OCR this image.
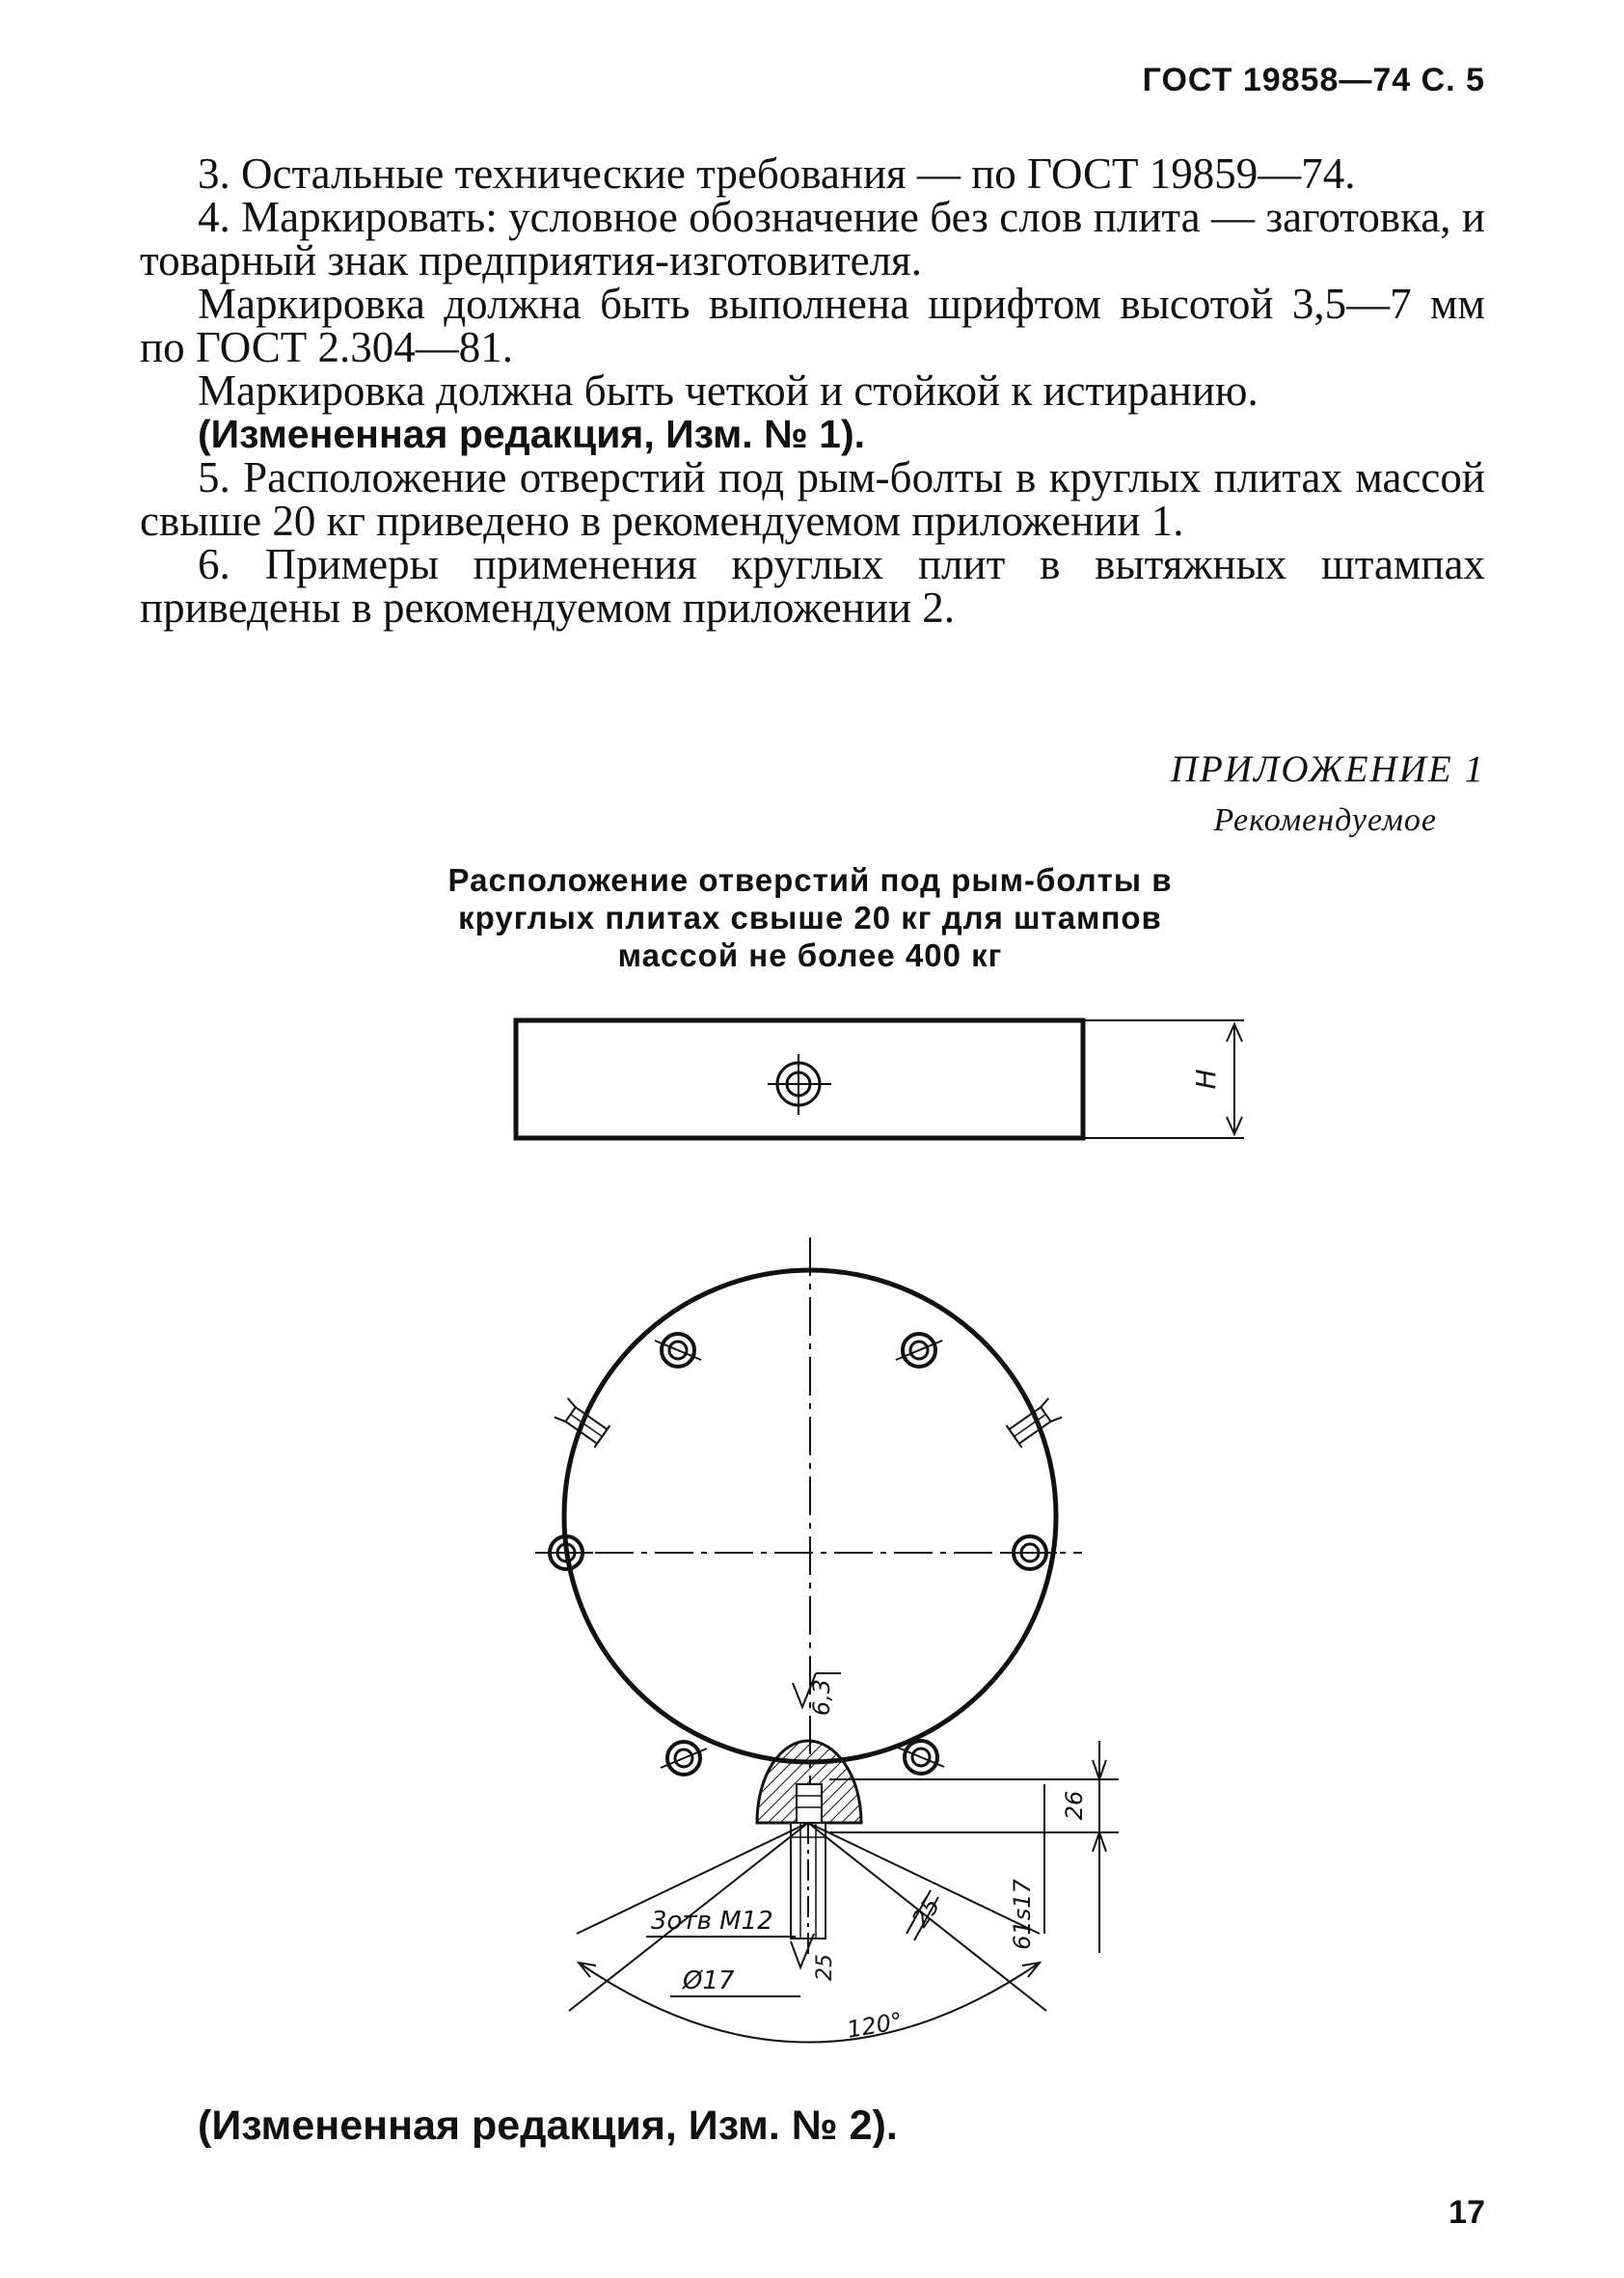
ГОСТ 19858—74 С. 5

3. Остальные технические требования — по ГОСТ 19859—74.

4. Маркировать: условное обозначение без слов плита — заготовка, и товарный знак предприятия-изготовителя.

Маркировка должна быть выполнена шрифтом высотой 3,5—7 мм по ГОСТ 2.304—81.

Маркировка должна быть четкой и стойкой к истиранию.

(Измененная редакция, Изм. № 1).

5. Расположение отверстий под рым-болты в круглых плитах массой свыше 20 кг приведено в рекомендуемом приложении 1.

6. Примеры применения круглых плит в вытяжных штампах приведены в рекомендуемом приложении 2.

ПРИЛОЖЕНИЕ 1
Рекомендуемое
Расположение отверстий под рым-болты в
круглых плитах свыше 20 кг для штампов
массой не более 400 кг
H
6,3
26
61s17
25
120°
3отв М12
Ø17	25
(Измененная редакция, Изм. № 2).
17
